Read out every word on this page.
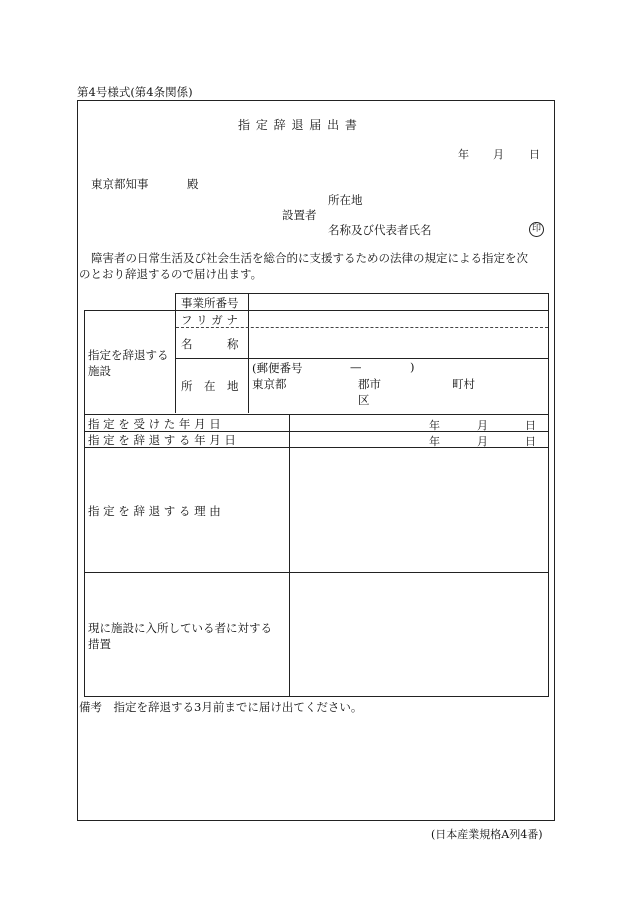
第4号様式(第4条関係)
指 定 辞 退 届 出 書
年 月 日
東京都知事	殿
所在地
設置者
名称及び代表者氏名	印
障害者の日常生活及び社会生活を総合的に支援するための法律の規定による指定を次
のとおり辞退するので届け出ます。
事業所番号
指定を辞退する
施設
フ リ ガ ナ
名　　　称
所　在　地
(郵便番号	—	)
東京都	郡市	町村
区
指 定 を 受 け た 年 月 日	年	月	日
指 定 を 辞 退 す る 年 月 日	年	月	日
指 定 を 辞 退 す る 理 由
現に施設に入所している者に対する
措置
備考　指定を辞退する3月前までに届け出てください。
(日本産業規格A列4番)
